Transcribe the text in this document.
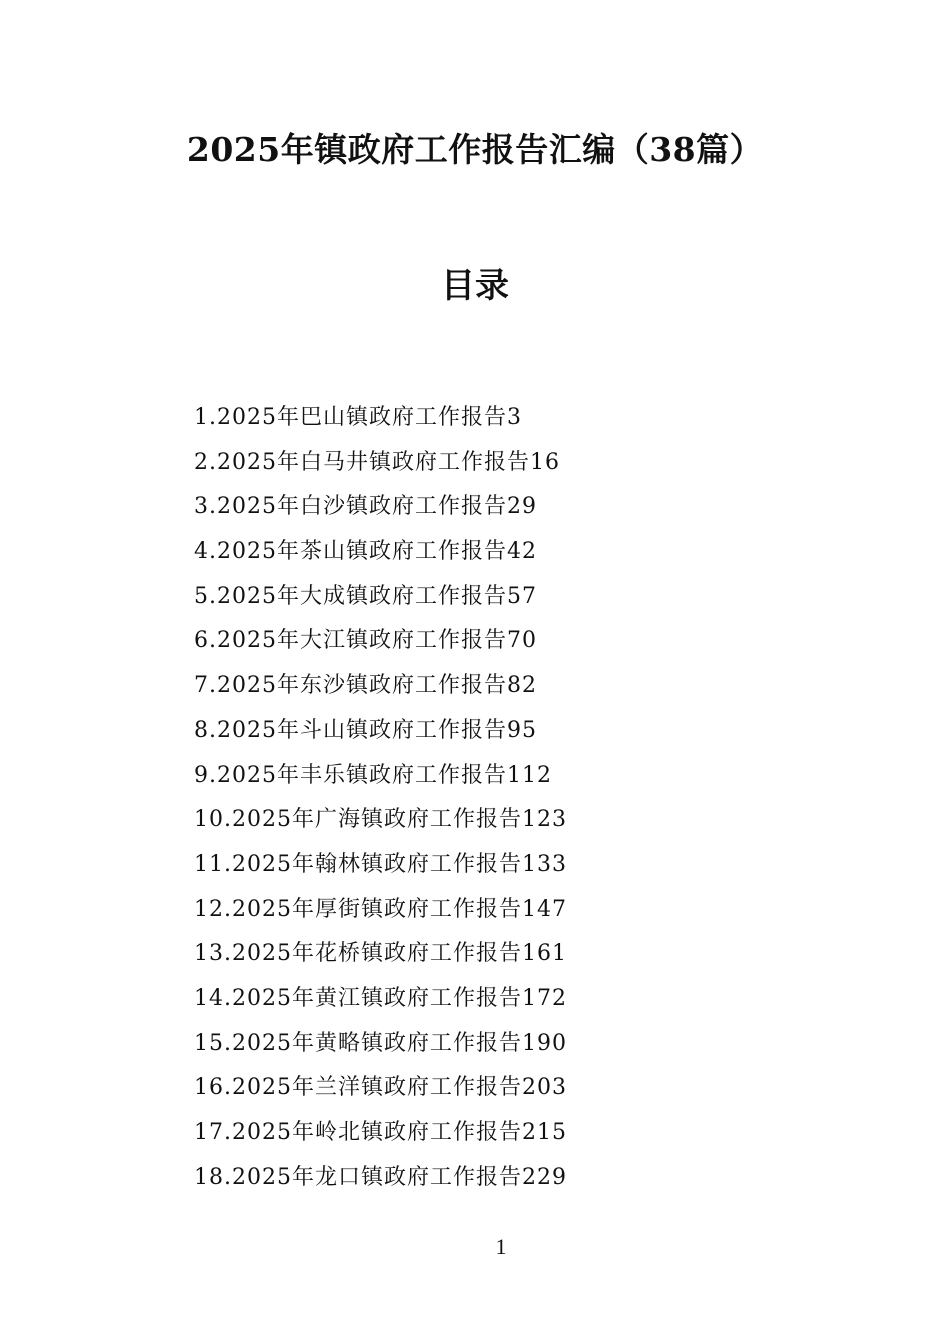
2025年镇政府工作报告汇编（38篇）
目录
1.2025年巴山镇政府工作报告3
2.2025年白马井镇政府工作报告16
3.2025年白沙镇政府工作报告29
4.2025年茶山镇政府工作报告42
5.2025年大成镇政府工作报告57
6.2025年大江镇政府工作报告70
7.2025年东沙镇政府工作报告82
8.2025年斗山镇政府工作报告95
9.2025年丰乐镇政府工作报告112
10.2025年广海镇政府工作报告123
11.2025年翰林镇政府工作报告133
12.2025年厚街镇政府工作报告147
13.2025年花桥镇政府工作报告161
14.2025年黄江镇政府工作报告172
15.2025年黄略镇政府工作报告190
16.2025年兰洋镇政府工作报告203
17.2025年岭北镇政府工作报告215
18.2025年龙口镇政府工作报告229
1
